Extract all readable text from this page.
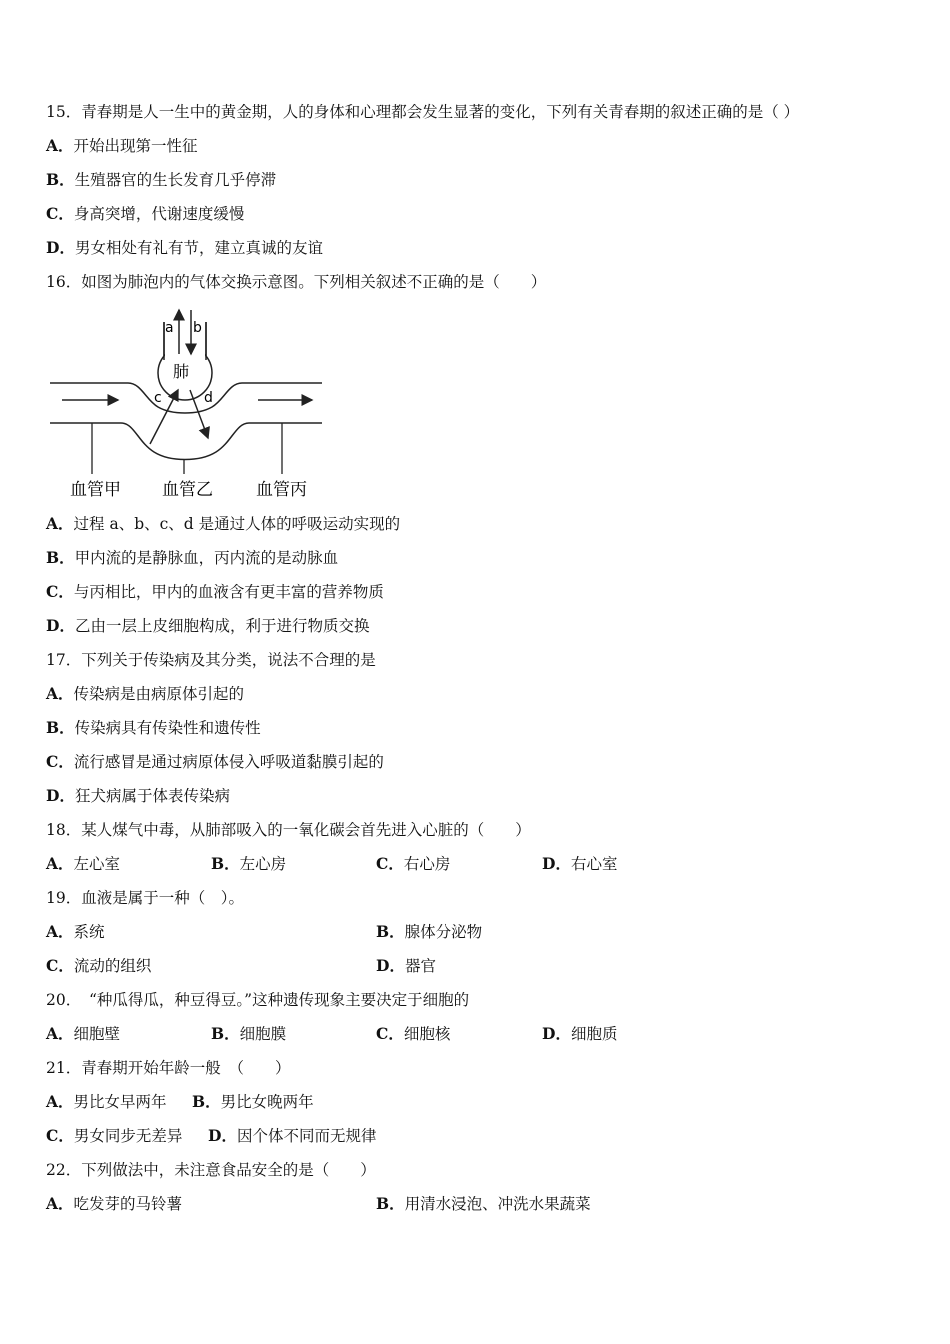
15．青春期是人一生中的黄金期，人的身体和心理都会发生显著的变化，下列有关青春期的叙述正确的是（ ）
A．开始出现第一性征
B．生殖器官的生长发育几乎停滞
C．身高突增，代谢速度缓慢
D．男女相处有礼有节，建立真诚的友谊
16．如图为肺泡内的气体交换示意图。下列相关叙述不正确的是（　　）
a b
肺
c	d
血管甲 血管乙	血管丙
A．过程 a、b、c、d 是通过人体的呼吸运动实现的
B．甲内流的是静脉血，丙内流的是动脉血
C．与丙相比，甲内的血液含有更丰富的营养物质
D．乙由一层上皮细胞构成，利于进行物质交换
17．下列关于传染病及其分类，说法不合理的是
A．传染病是由病原体引起的
B．传染病具有传染性和遗传性
C．流行感冒是通过病原体侵入呼吸道黏膜引起的
D．狂犬病属于体表传染病
18．某人煤气中毒，从肺部吸入的一氧化碳会首先进入心脏的（　　）
A．左心室	B．左心房	C．右心房	D．右心室
19．血液是属于一种（　）。
A．系统	B．腺体分泌物
C．流动的组织	D．器官
20．　“种瓜得瓜，种豆得豆。”这种遗传现象主要决定于细胞的
A．细胞壁	B．细胞膜	C．细胞核	D．细胞质
21．青春期开始年龄一般　（　　）
A．男比女早两年 B．男比女晚两年
C．男女同步无差异 D．因个体不同而无规律
22．下列做法中，未注意食品安全的是（　　）
A．吃发芽的马铃薯	B．用清水浸泡、冲洗水果蔬菜
